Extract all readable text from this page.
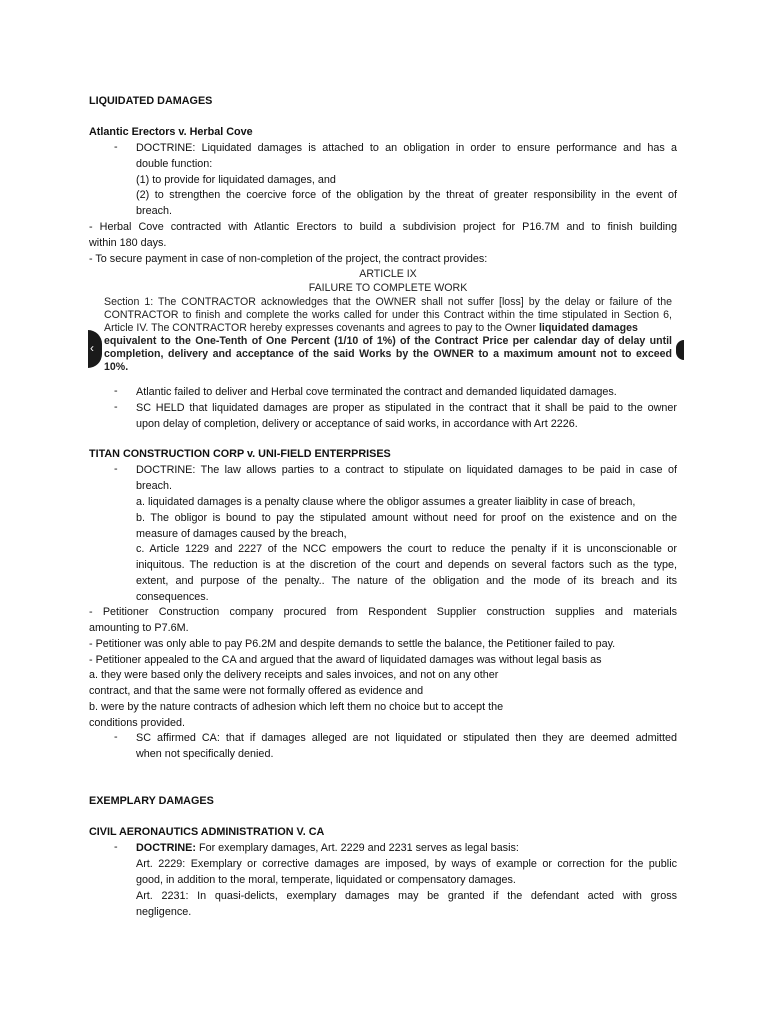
LIQUIDATED DAMAGES
Atlantic Erectors v. Herbal Cove
- DOCTRINE: Liquidated damages is attached to an obligation in order to ensure performance and has a
double function:
(1) to provide for liquidated damages, and
(2) to strengthen the coercive force of the obligation by the threat of greater responsibility in the event of
breach.
- Herbal Cove contracted with Atlantic Erectors to build a subdivision project for P16.7M and to finish building
within 180 days.
- To secure payment in case of non-completion of the project, the contract provides:
ARTICLE IX
FAILURE TO COMPLETE WORK
Section 1: The CONTRACTOR acknowledges that the OWNER shall not suffer [loss] by the delay or failure of the
CONTRACTOR to finish and complete the works called for under this Contract within the time stipulated in Section 6,
Article IV. The CONTRACTOR hereby expresses covenants and agrees to pay to the Owner liquidated damages
equivalent to the One-Tenth of One Percent (1/10 of 1%) of the Contract Price per calendar day of delay until
completion, delivery and acceptance of the said Works by the OWNER to a maximum amount not to exceed
10%.
‹
- Atlantic failed to deliver and Herbal cove terminated the contract and demanded liquidated damages.
- SC HELD that liquidated damages are proper as stipulated in the contract that it shall be paid to the owner
upon delay of completion, delivery or acceptance of said works, in accordance with Art 2226.
TITAN CONSTRUCTION CORP v. UNI-FIELD ENTERPRISES
- DOCTRINE: The law allows parties to a contract to stipulate on liquidated damages to be paid in case of
breach.
a. liquidated damages is a penalty clause where the obligor assumes a greater liaiblity in case of breach,
b. The obligor is bound to pay the stipulated amount without need for proof on the existence and on the
measure of damages caused by the breach,
c. Article 1229 and 2227 of the NCC empowers the court to reduce the penalty if it is unconscionable or
iniquitous. The reduction is at the discretion of the court and depends on several factors such as the type,
extent, and purpose of the penalty.. The nature of the obligation and the mode of its breach and its
consequences.
- Petitioner Construction company procured from Respondent Supplier construction supplies and materials
amounting to P7.6M.
- Petitioner was only able to pay P6.2M and despite demands to settle the balance, the Petitioner failed to pay.
- Petitioner appealed to the CA and argued that the award of liquidated damages was without legal basis as
a. they were based only the delivery receipts and sales invoices, and not on any other
contract, and that the same were not formally offered as evidence and
b. were by the nature contracts of adhesion which left them no choice but to accept the
conditions provided.
- SC affirmed CA: that if damages alleged are not liquidated or stipulated then they are deemed admitted
when not specifically denied.
EXEMPLARY DAMAGES
CIVIL AERONAUTICS ADMINISTRATION V. CA
- DOCTRINE: For exemplary damages, Art. 2229 and 2231 serves as legal basis:
Art. 2229: Exemplary or corrective damages are imposed, by ways of example or correction for the public
good, in addition to the moral, temperate, liquidated or compensatory damages.
Art. 2231: In quasi-delicts, exemplary damages may be granted if the defendant acted with gross
negligence.
